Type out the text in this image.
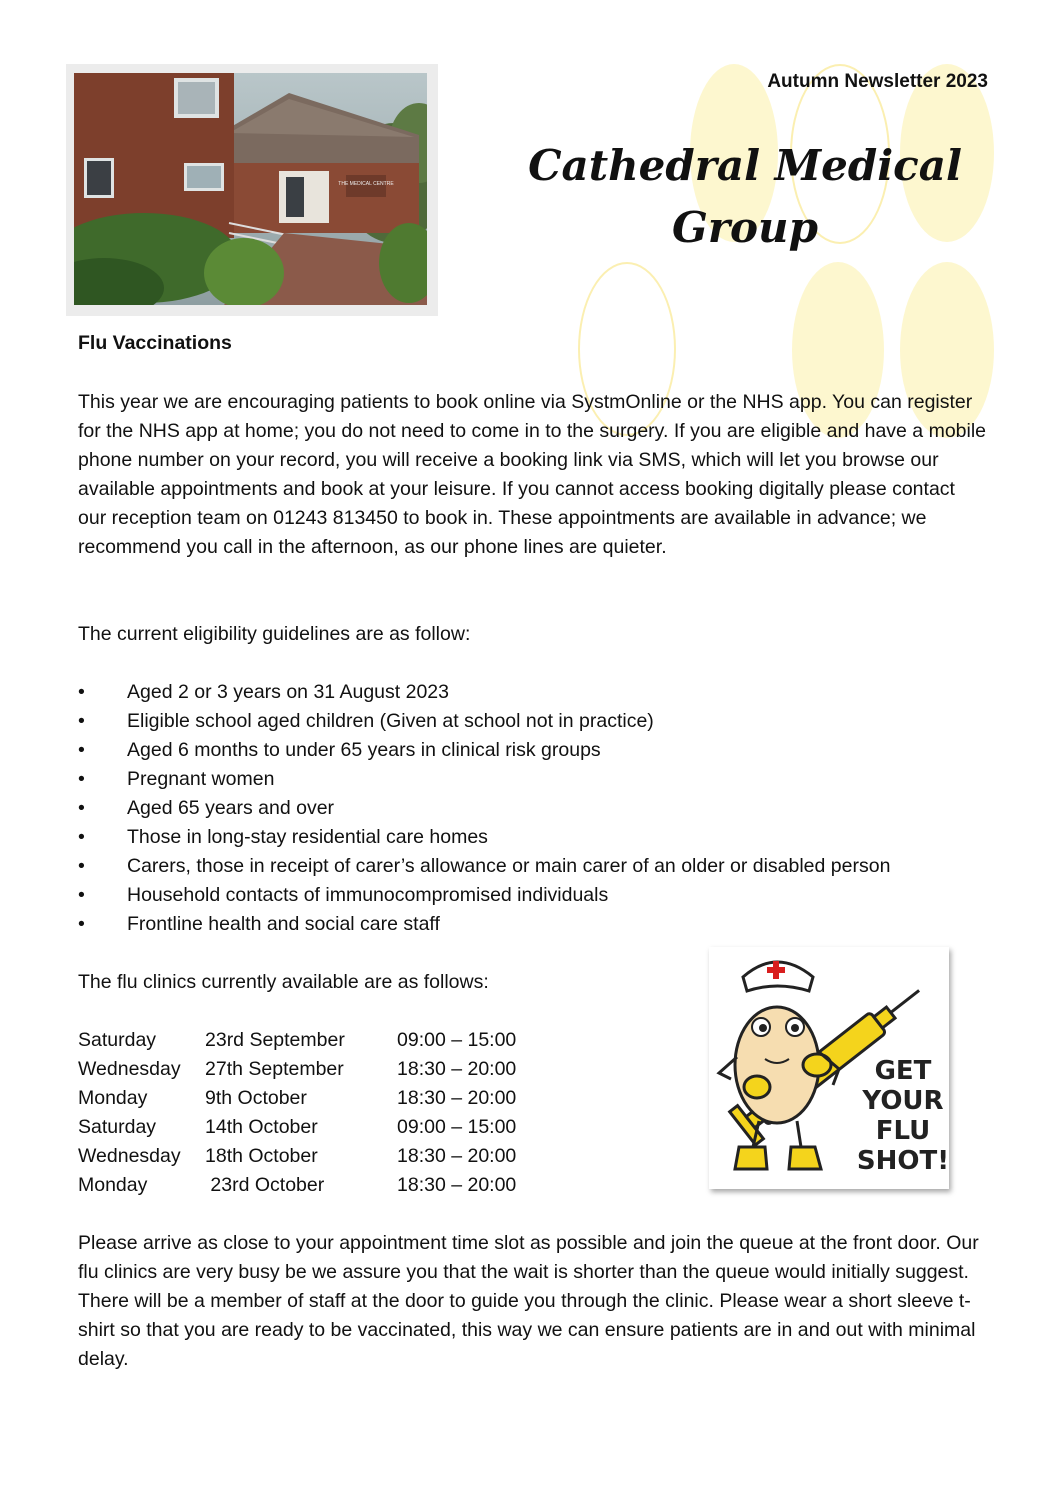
THE MEDICAL CENTRE
Autumn Newsletter 2023
Cathedral Medical
Group
Flu Vaccinations

This year we are encouraging patients to book online via SystmOnline or the NHS app. You can register for the NHS app at home; you do not need to come in to the surgery. If you are eligible and have a mobile phone number on your record, you will receive a booking link via SMS, which will let you browse our available appointments and book at your leisure. If you cannot access booking digitally please contact our reception team on 01243 813450 to book in. These appointments are available in advance; we recommend you call in the afternoon, as our phone lines are quieter.

The current eligibility guidelines are as follow:

• Aged 2 or 3 years on 31 August 2023
• Eligible school aged children (Given at school not in practice)
• Aged 6 months to under 65 years in clinical risk groups
• Pregnant women
• Aged 65 years and over
• Those in long-stay residential care homes
• Carers, those in receipt of carer’s allowance or main carer of an older or disabled person
• Household contacts of immunocompromised individuals
• Frontline health and social care staff

The flu clinics currently available are as follows:

Saturday	23rd September	09:00 – 15:00
Wednesday 27th September	18:30 – 20:00
Monday	9th October	18:30 – 20:00
Saturday	14th October	09:00 – 15:00
Wednesday 18th October	18:30 – 20:00
Monday	23rd October	18:30 – 20:00

Please arrive as close to your appointment time slot as possible and join the queue at the front door. Our flu clinics are very busy be we assure you that the wait is shorter than the queue would initially suggest. There will be a member of staff at the door to guide you through the clinic. Please wear a short sleeve t-shirt so that you are ready to be vaccinated, this way we can ensure patients are in and out with minimal delay.

GET
YOUR
FLU
SHOT!
